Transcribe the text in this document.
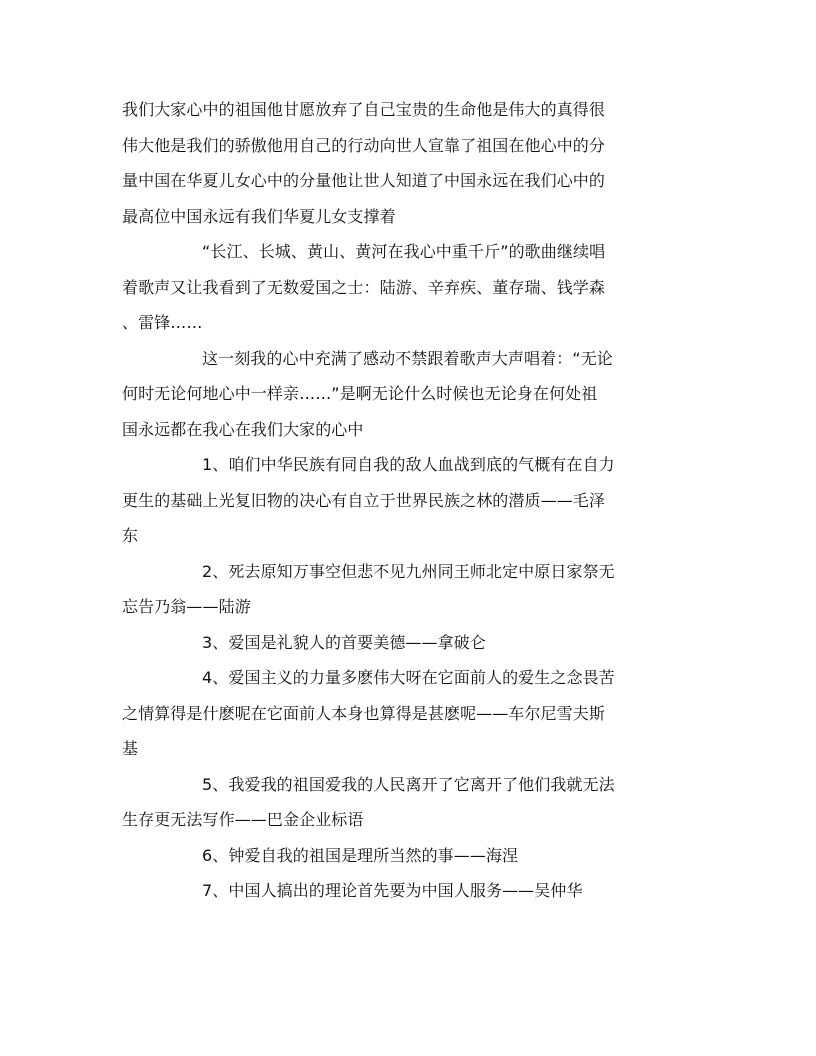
我们大家心中的祖国他甘愿放弃了自己宝贵的生命他是伟大的真得很
伟大他是我们的骄傲他用自己的行动向世人宣靠了祖国在他心中的分
量中国在华夏儿女心中的分量他让世人知道了中国永远在我们心中的
最高位中国永远有我们华夏儿女支撑着
“长江、长城、黄山、黄河在我心中重千斤”的歌曲继续唱
着歌声又让我看到了无数爱国之士：陆游、辛弃疾、董存瑞、钱学森
、雷锋……
这一刻我的心中充满了感动不禁跟着歌声大声唱着：“无论
何时无论何地心中一样亲……”是啊无论什么时候也无论身在何处祖
国永远都在我心在我们大家的心中
1、咱们中华民族有同自我的敌人血战到底的气概有在自力
更生的基础上光复旧物的决心有自立于世界民族之林的潜质——毛泽
东
2、死去原知万事空但悲不见九州同王师北定中原日家祭无
忘告乃翁——陆游
3、爱国是礼貌人的首要美德——拿破仑
4、爱国主义的力量多麽伟大呀在它面前人的爱生之念畏苦
之情算得是什麽呢在它面前人本身也算得是甚麽呢——车尔尼雪夫斯
基
5、我爱我的祖国爱我的人民离开了它离开了他们我就无法
生存更无法写作——巴金企业标语
6、钟爱自我的祖国是理所当然的事——海涅
7、中国人搞出的理论首先要为中国人服务——吴仲华
